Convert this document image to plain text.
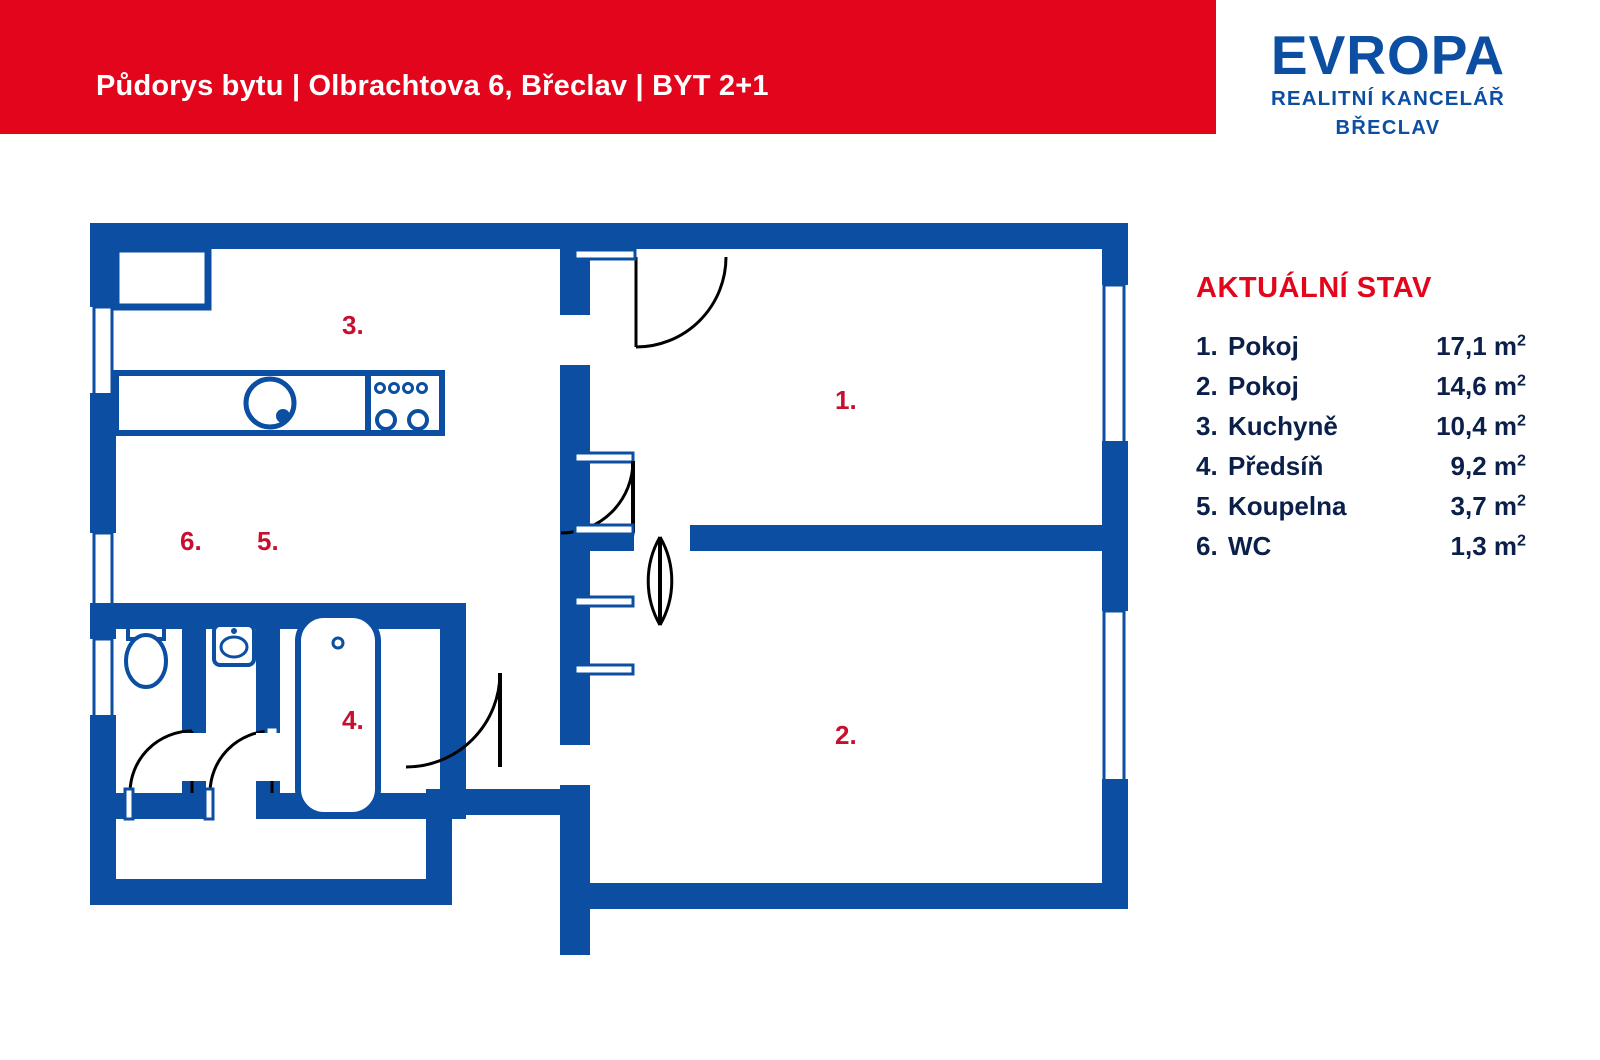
Půdorys bytu | Olbrachtova 6, Břeclav | BYT 2+1	EVROPA
REALITNÍ KANCELÁŘ
BŘECLAV
AKTUÁLNÍ STAV
1. Pokoj	17,1 $m^2$
2. Pokoj	14,6 $m^2$
3. Kuchyně	10,4 $m^2$
4. Předsíň	9,2 $m^2$
5. Koupelna	3,7 $m^2$
6. WC	1,3 $m^2$
3.
1.
6. 5.
4.	2.
